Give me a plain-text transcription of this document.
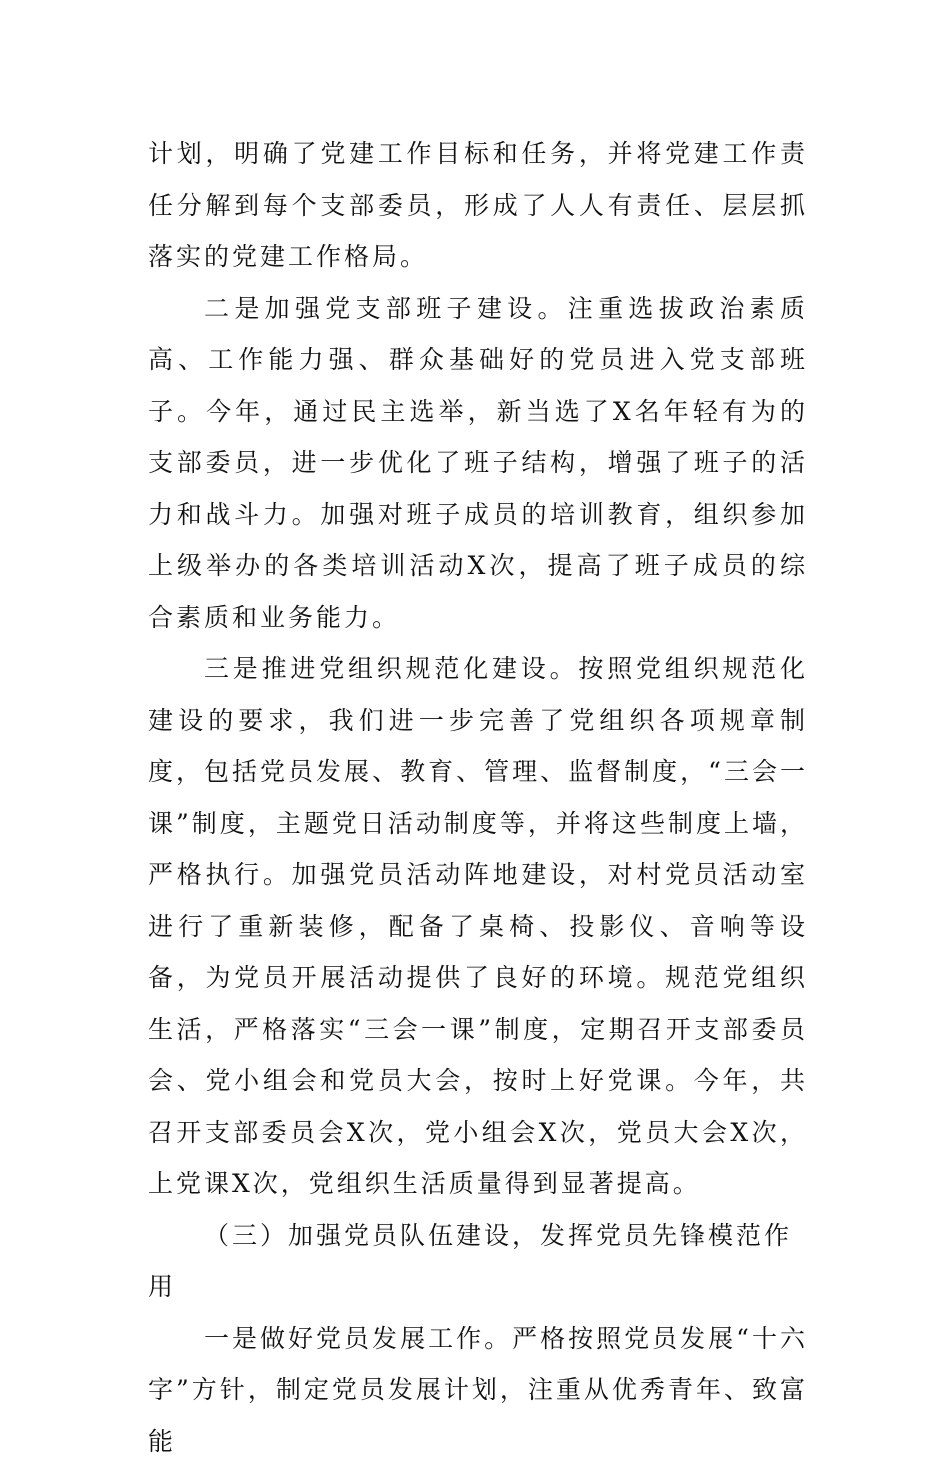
计划，明确了党建工作目标和任务，并将党建工作责任分解到每个支部委员，形成了人人有责任、层层抓落实的党建工作格局。

二是加强党支部班子建设。注重选拔政治素质高、工作能力强、群众基础好的党员进入党支部班子。今年，通过民主选举，新当选了X名年轻有为的支部委员，进一步优化了班子结构，增强了班子的活力和战斗力。加强对班子成员的培训教育，组织参加上级举办的各类培训活动X次，提高了班子成员的综合素质和业务能力。

三是推进党组织规范化建设。按照党组织规范化建设的要求，我们进一步完善了党组织各项规章制度，包括党员发展、教育、管理、监督制度，“三会一课”制度，主题党日活动制度等，并将这些制度上墙，严格执行。加强党员活动阵地建设，对村党员活动室进行了重新装修，配备了桌椅、投影仪、音响等设备，为党员开展活动提供了良好的环境。规范党组织生活，严格落实“三会一课”制度，定期召开支部委员会、党小组会和党员大会，按时上好党课。今年，共召开支部委员会X次，党小组会X次，党员大会X次，上党课X次，党组织生活质量得到显著提高。

（三）加强党员队伍建设，发挥党员先锋模范作用

一是做好党员发展工作。严格按照党员发展“十六字”方针，制定党员发展计划，注重从优秀青年、致富能
